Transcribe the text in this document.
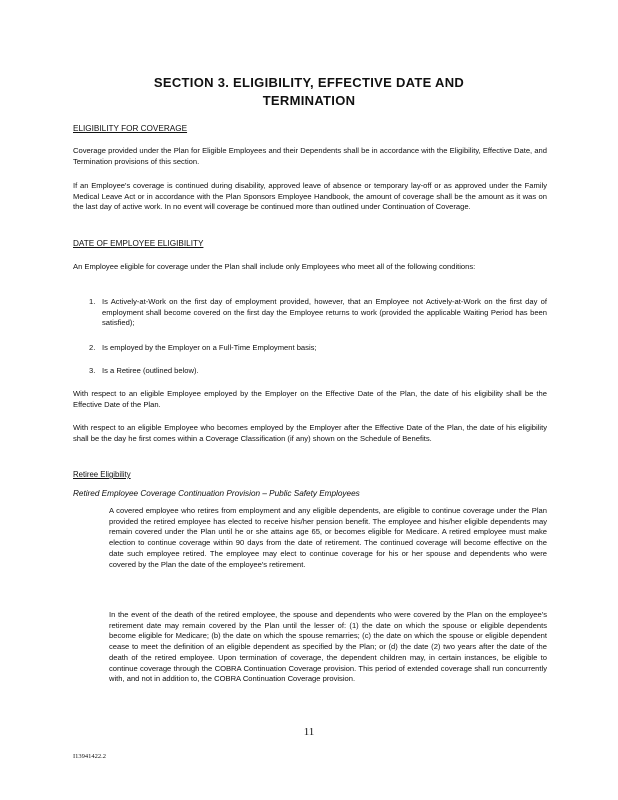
SECTION 3. ELIGIBILITY, EFFECTIVE DATE AND
TERMINATION
ELIGIBILITY FOR COVERAGE
Coverage provided under the Plan for Eligible Employees and their Dependents shall be in accordance with the Eligibility, Effective Date, and Termination provisions of this section.
If an Employee's coverage is continued during disability, approved leave of absence or temporary lay-off or as approved under the Family Medical Leave Act or in accordance with the Plan Sponsors Employee Handbook, the amount of coverage shall be the amount as it was on the last day of active work. In no event will coverage be continued more than outlined under Continuation of Coverage.
DATE OF EMPLOYEE ELIGIBILITY
An Employee eligible for coverage under the Plan shall include only Employees who meet all of the following conditions:
1. Is Actively-at-Work on the first day of employment provided, however, that an Employee not Actively-at-Work on the first day of employment shall become covered on the first day the Employee returns to work (provided the applicable Waiting Period has been satisfied);
2. Is employed by the Employer on a Full-Time Employment basis;
3. Is a Retiree (outlined below).
With respect to an eligible Employee employed by the Employer on the Effective Date of the Plan, the date of his eligibility shall be the Effective Date of the Plan.
With respect to an eligible Employee who becomes employed by the Employer after the Effective Date of the Plan, the date of his eligibility shall be the day he first comes within a Coverage Classification (if any) shown on the Schedule of Benefits.
Retiree Eligibility
Retired Employee Coverage Continuation Provision – Public Safety Employees
A covered employee who retires from employment and any eligible dependents, are eligible to continue coverage under the Plan provided the retired employee has elected to receive his/her pension benefit. The employee and his/her eligible dependents may remain covered under the Plan until he or she attains age 65, or becomes eligible for Medicare. A retired employee must make election to continue coverage within 90 days from the date of retirement. The continued coverage will become effective on the date such employee retired. The employee may elect to continue coverage for his or her spouse and dependents who were covered by the Plan the date of the employee's retirement.
In the event of the death of the retired employee, the spouse and dependents who were covered by the Plan on the employee's retirement date may remain covered by the Plan until the lesser of: (1) the date on which the spouse or eligible dependents become eligible for Medicare; (b) the date on which the spouse remarries; (c) the date on which the spouse or eligible dependent cease to meet the definition of an eligible dependent as specified by the Plan; or (d) the date (2) two years after the date of the death of the retired employee. Upon termination of coverage, the dependent children may, in certain instances, be eligible to continue coverage through the COBRA Continuation Coverage provision. This period of extended coverage shall run concurrently with, and not in addition to, the COBRA Continuation Coverage provision.
11
I13941422.2
